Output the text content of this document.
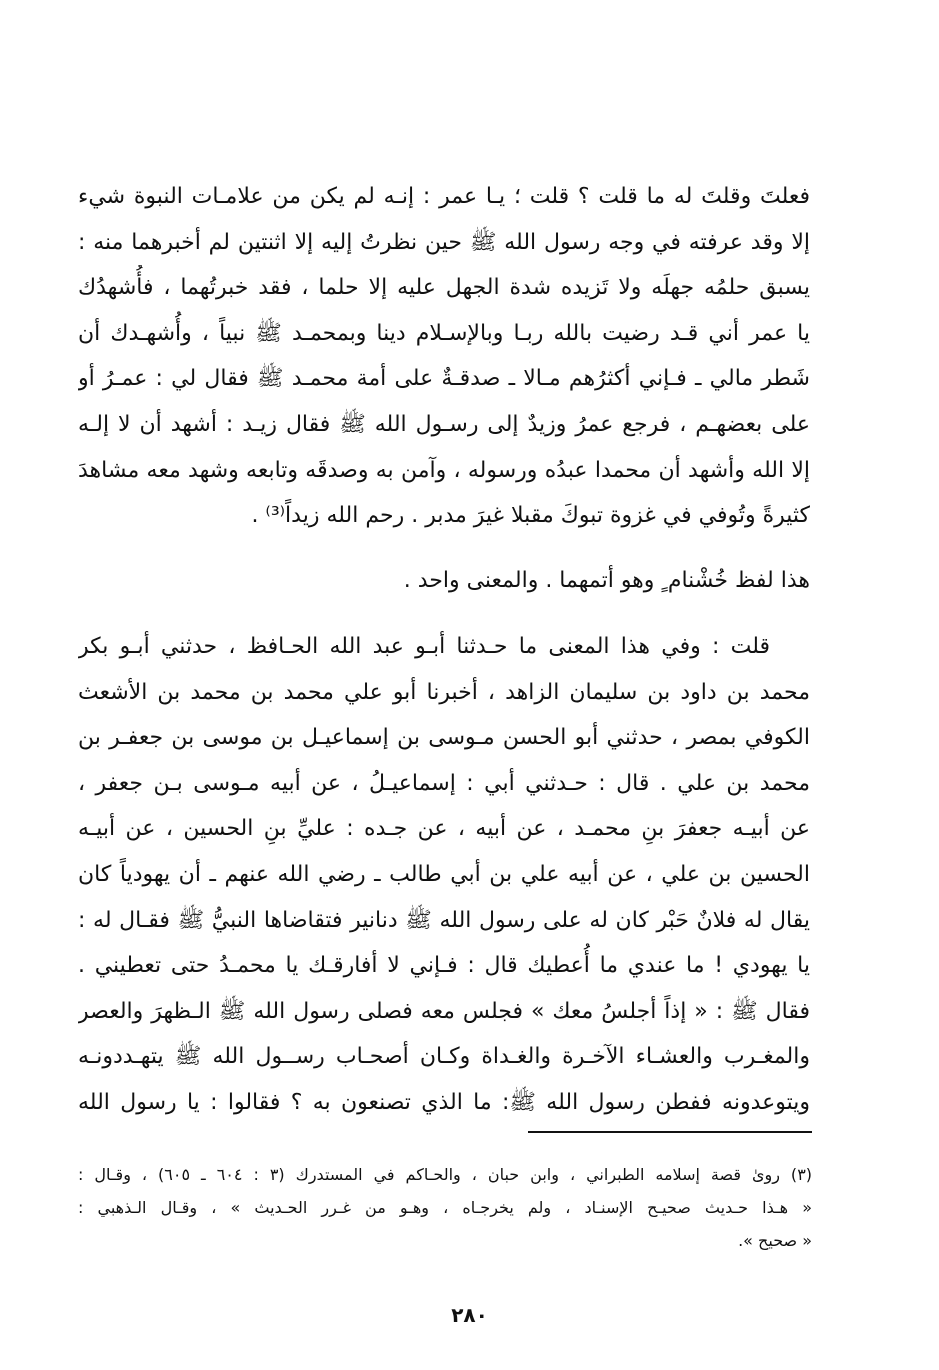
فعلتَ وقلتَ له ما قلت ؟ قلت ؛ يـا عمر : إنـه لم يكن من علامـات النبوة شيء
إلا وقد عرفته في وجه رسول الله ﷺ حين نظرتُ إليه إلا اثنتين لم أخبرهما منه :
يسبق حلمُه جهلَه ولا تَزيده شدة الجهل عليه إلا حلما ، فقد خبرتُهما ، فأُشهدُك
يا عمر أني قـد رضيت بالله ربـا وبالإسـلام دينا وبمحمـد ﷺ نبياً ، وأُشهـدك أن
شَطر مالي ـ فـإني أكثرُهم مـالا ـ صدقـةٌ على أمة محمـد ﷺ فقال لي : عمـرُ أو
على بعضهـم ، فرجع عمرُ وزيدٌ إلى رسـول الله ﷺ فقال زيـد : أشهد أن لا إلـه
إلا الله وأشهد أن محمدا عبدُه ورسوله ، وآمن به وصدقَه وتابعه وشهد معه مشاهدَ
كثيرةً وتُوفي في غزوة تبوكَ مقبلا غيرَ مدبر . رحم الله زيداً⁽³⁾ .
هذا لفظ خُشْنام ٍ وهو أتمهما . والمعنى واحد .
قلت : وفي هذا المعنى ما حـدثنا أبـو عبد الله الحـافظ ، حدثني أبـو بكر
محمد بن داود بن سليمان الزاهد ، أخبرنا أبو علي محمد بن محمد بن الأشعث
الكوفي بمصر ، حدثني أبو الحسن مـوسى بن إسماعيـل بن موسى بن جعفـر بن
محمد بن علي . قال : حـدثني أبي : إسماعيـلُ ، عن أبيه مـوسى بـن جعفر ،
عن أبيـه جعفرَ بنِ محمـد ، عن أبيه ، عن جـده : عليِّ بنِ الحسين ، عن أبيـه
الحسين بن علي ، عن أبيه علي بن أبي طالب ـ رضي الله عنهم ـ أن يهودياً كان
يقال له فلانٌ حَبْر كان له على رسول الله ﷺ دنانير فتقاضاها النبيُّ ﷺ فقـال له :
يا يهودي ! ما عندي ما أُعطيك قال : فـإني لا أفارقـك يا محمـدُ حتى تعطيني .
فقال ﷺ : « إذاً أجلسُ معك » فجلس معه فصلى رسول الله ﷺ الـظهرَ والعصر
والمغـرب والعشـاء الآخـرة والغـداة وكـان أصحـاب رســول الله ﷺ يتهـددونـه
ويتوعدونه ففطن رسول الله ﷺ: ما الذي تصنعون به ؟ فقالوا : يا رسول الله
(٣) روىٰ قصة إسلامه الطبراني ، وابن حبان ، والحـاكم في المستدرك (٣ : ٦٠٤ ـ ٦٠٥) ، وقـال :
« هـذا حـديث صحيـح الإسنـاد ، ولم يخرجـاه ، وهـو من غـرر الحـديث » ، وقـال الـذهبي :
« صحيح ».
٢٨٠
